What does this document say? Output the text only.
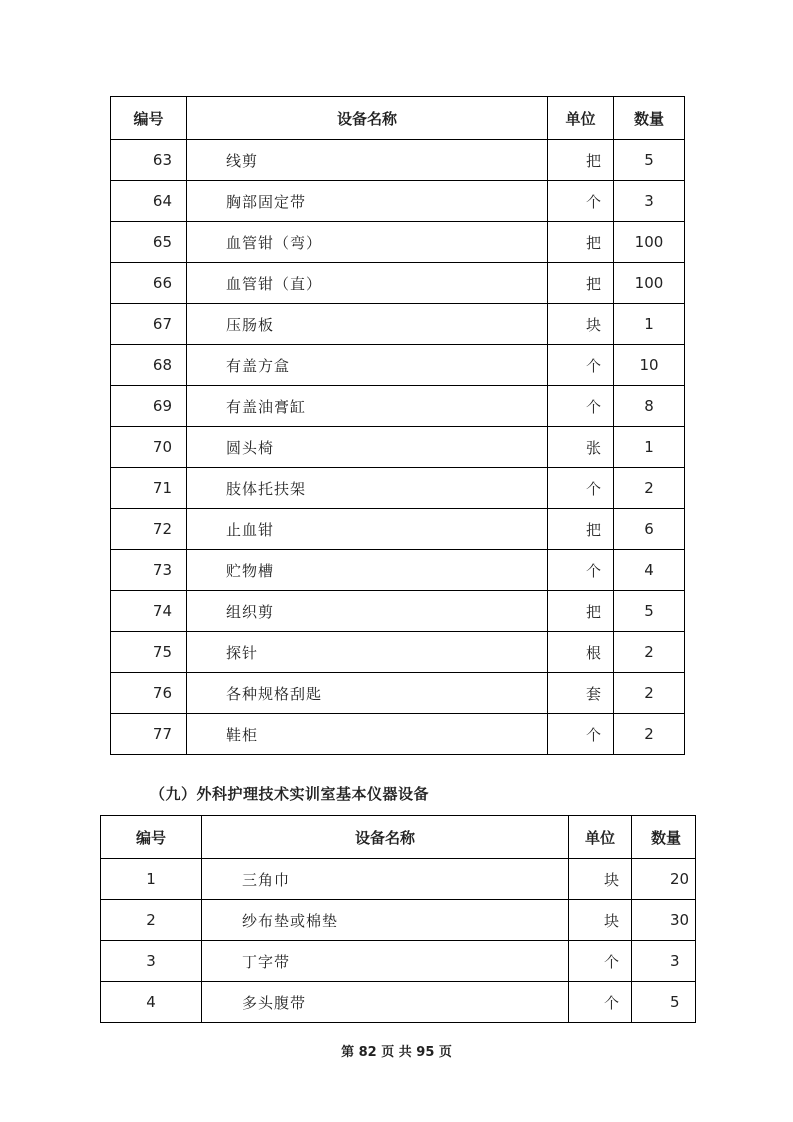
编号	设备名称	单位	数量
63	线剪	把	5
64	胸部固定带	个	3
65	血管钳（弯）	把	100
66	血管钳（直）	把	100
67	压肠板	块	1
68	有盖方盒	个	10
69	有盖油膏缸	个	8
70	圆头椅	张	1
71	肢体托扶架	个	2
72	止血钳	把	6
73	贮物槽	个	4
74	组织剪	把	5
75	探针	根	2
76	各种规格刮匙	套	2
77	鞋柜	个	2
（九）外科护理技术实训室基本仪器设备
编号	设备名称	单位	数量
1	三角巾	块	20
2	纱布垫或棉垫	块	30
3	丁字带	个	3
4	多头腹带	个	5
第 82 页 共 95 页
